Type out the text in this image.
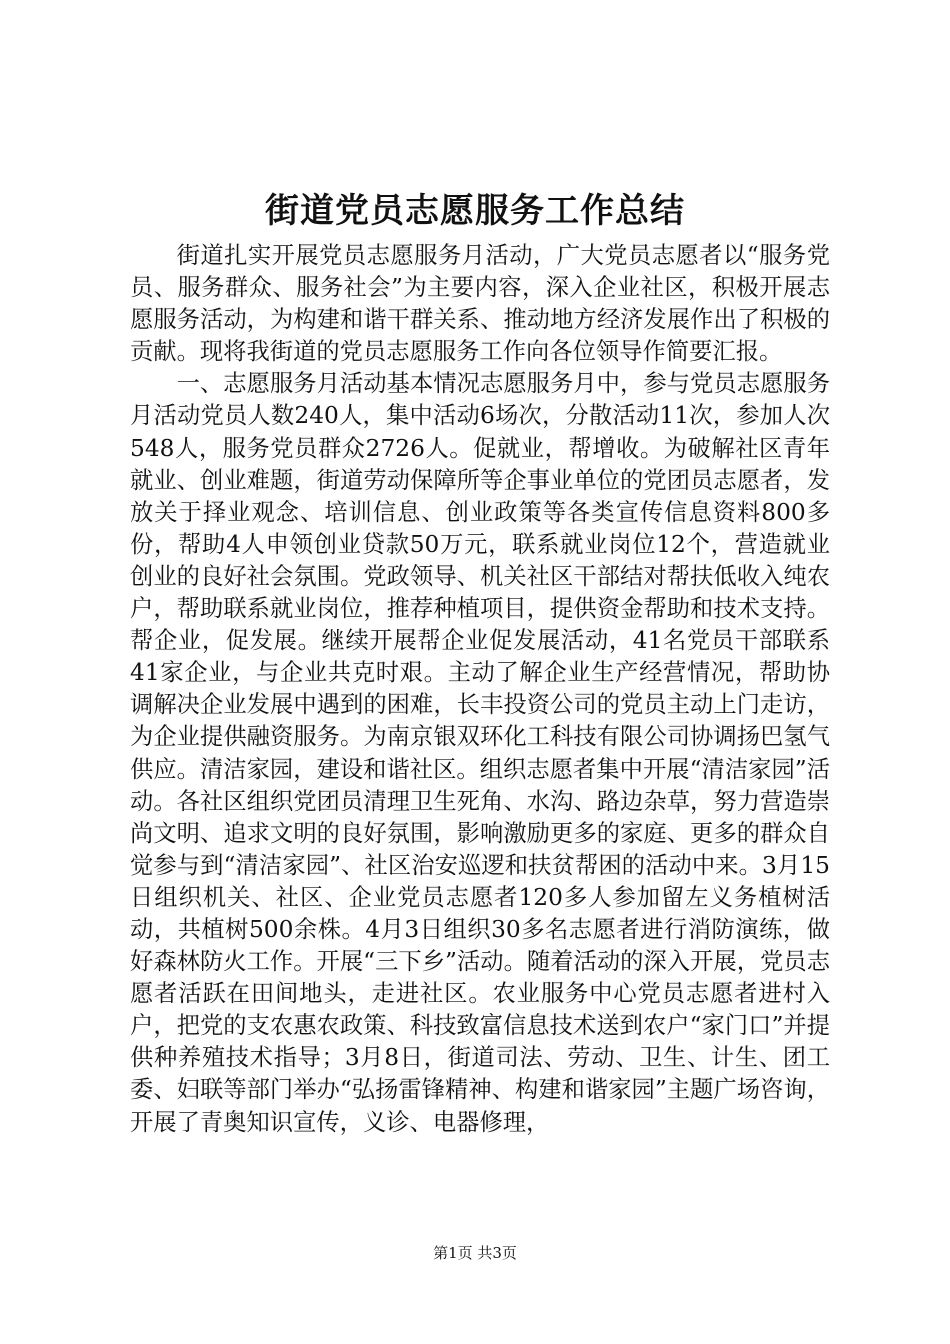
街道党员志愿服务工作总结

街道扎实开展党员志愿服务月活动，广大党员志愿者以“服务党员、服务群众、服务社会”为主要内容，深入企业社区，积极开展志愿服务活动，为构建和谐干群关系、推动地方经济发展作出了积极的贡献。现将我街道的党员志愿服务工作向各位领导作简要汇报。

一、志愿服务月活动基本情况志愿服务月中，参与党员志愿服务月活动党员人数240人，集中活动6场次，分散活动11次，参加人次548人，服务党员群众2726人。促就业，帮增收。为破解社区青年就业、创业难题，街道劳动保障所等企事业单位的党团员志愿者，发放关于择业观念、培训信息、创业政策等各类宣传信息资料800多份，帮助4人申领创业贷款50万元，联系就业岗位12个，营造就业创业的良好社会氛围。党政领导、机关社区干部结对帮扶低收入纯农户，帮助联系就业岗位，推荐种植项目，提供资金帮助和技术支持。帮企业，促发展。继续开展帮企业促发展活动，41名党员干部联系41家企业，与企业共克时艰。主动了解企业生产经营情况，帮助协调解决企业发展中遇到的困难，长丰投资公司的党员主动上门走访，为企业提供融资服务。为南京银双环化工科技有限公司协调扬巴氢气供应。清洁家园，建设和谐社区。组织志愿者集中开展“清洁家园”活动。各社区组织党团员清理卫生死角、水沟、路边杂草，努力营造崇尚文明、追求文明的良好氛围，影响激励更多的家庭、更多的群众自觉参与到“清洁家园”、社区治安巡逻和扶贫帮困的活动中来。3月15日组织机关、社区、企业党员志愿者120多人参加留左义务植树活动，共植树500余株。4月3日组织30多名志愿者进行消防演练，做好森林防火工作。开展“三下乡”活动。随着活动的深入开展，党员志愿者活跃在田间地头，走进社区。农业服务中心党员志愿者进村入户，把党的支农惠农政策、科技致富信息技术送到农户“家门口”并提供种养殖技术指导；3月8日，街道司法、劳动、卫生、计生、团工委、妇联等部门举办“弘扬雷锋精神、构建和谐家园”主题广场咨询，开展了青奥知识宣传，义诊、电器修理，

第1页 共3页
